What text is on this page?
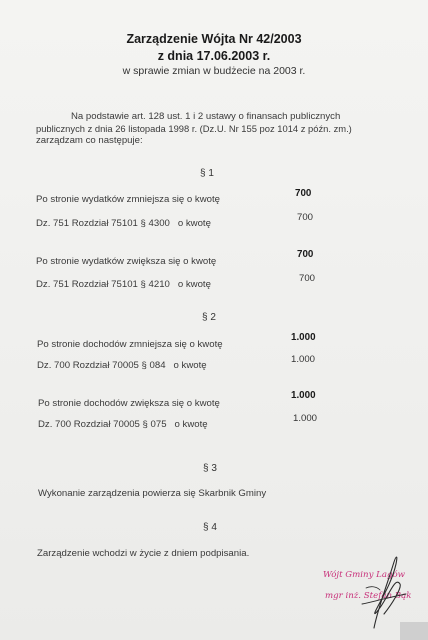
Zarządzenie Wójta Nr 42/2003
z dnia 17.06.2003 r.
w sprawie zmian w budżecie na 2003 r.
Na podstawie art. 128 ust. 1 i 2 ustawy o finansach publicznych
publicznych z dnia 26 listopada 1998 r. (Dz.U. Nr 155 poz 1014 z późn. zm.)
zarządzam co następuje:
§ 1
Po stronie wydatków zmniejsza się o kwotę
700
Dz. 751 Rozdział 75101 § 4300   o kwotę
700
Po stronie wydatków zwiększa się o kwotę
700
Dz. 751 Rozdział 75101 § 4210   o kwotę
700
§ 2
Po stronie dochodów zmniejsza się o kwotę
1.000
Dz. 700 Rozdział 70005 § 084   o kwotę
1.000
Po stronie dochodów zwiększa się o kwotę
1.000
Dz. 700 Rozdział 70005 § 075   o kwotę
1.000
§ 3
Wykonanie zarządzenia powierza się Skarbnik Gminy
§ 4
Zarządzenie wchodzi w życie z dniem podpisania.
Wójt Gminy Lagów
mgr inż. Stefan Bąk
